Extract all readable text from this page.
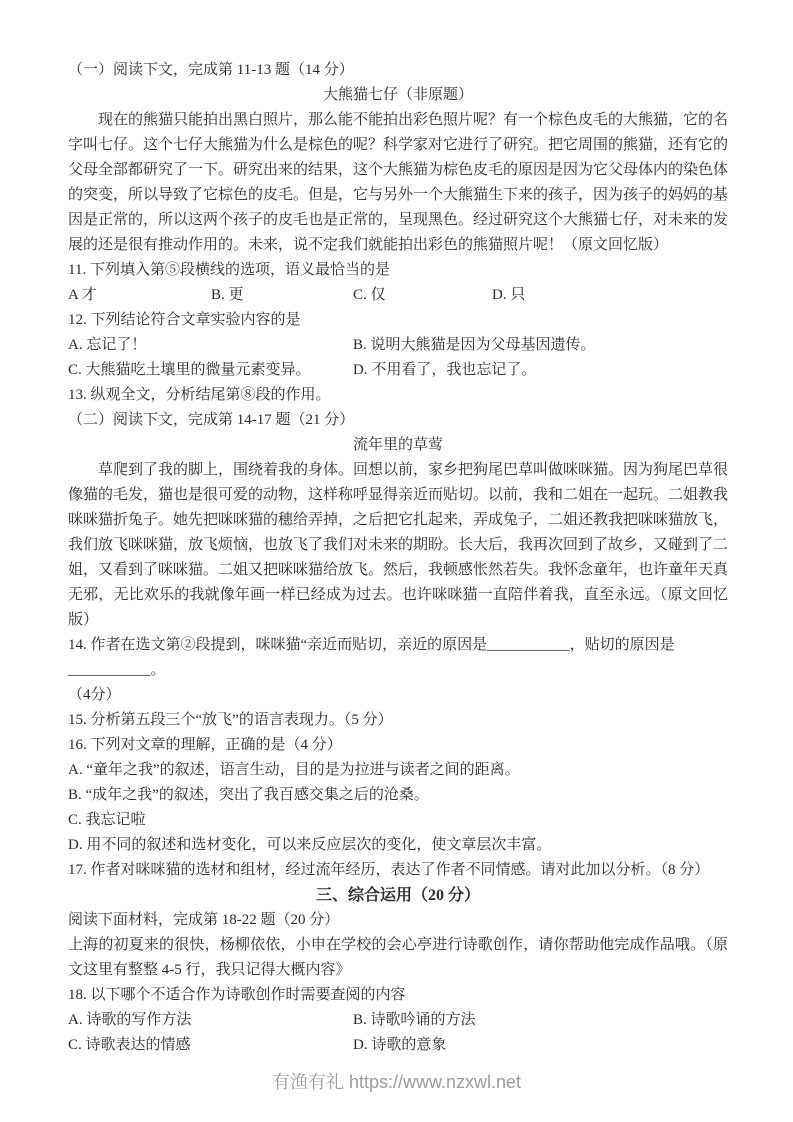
（一）阅读下文，完成第 11-13 题（14 分）
大熊猫七仔（非原题）
现在的熊猫只能拍出黑白照片，那么能不能拍出彩色照片呢？有一个棕色皮毛的大熊猫，它的名字叫七仔。这个七仔大熊猫为什么是棕色的呢？科学家对它进行了研究。把它周围的熊猫，还有它的父母全部都研究了一下。研究出来的结果，这个大熊猫为棕色皮毛的原因是因为它父母体内的染色体的突变，所以导致了它棕色的皮毛。但是，它与另外一个大熊猫生下来的孩子，因为孩子的妈妈的基因是正常的，所以这两个孩子的皮毛也是正常的，呈现黑色。经过研究这个大熊猫七仔，对未来的发展的还是很有推动作用的。未来，说不定我们就能拍出彩色的熊猫照片呢！（原文回忆版）
11. 下列填入第⑤段横线的选项，语义最恰当的是
A 才	B. 更	C. 仅	D. 只
12. 下列结论符合文章实验内容的是
A. 忘记了！	B. 说明大熊猫是因为父母基因遗传。
C. 大熊猫吃土壤里的微量元素变异。	D. 不用看了，我也忘记了。
13. 纵观全文，分析结尾第⑧段的作用。
（二）阅读下文，完成第 14-17 题（21 分）
流年里的草莺
草爬到了我的脚上，围绕着我的身体。回想以前，家乡把狗尾巴草叫做咪咪猫。因为狗尾巴草很像猫的毛发，猫也是很可爱的动物，这样称呼显得亲近而贴切。以前，我和二姐在一起玩。二姐教我咪咪猫折兔子。她先把咪咪猫的穗给弄掉，之后把它扎起来，弄成兔子，二姐还教我把咪咪猫放飞，我们放飞咪咪猫，放飞烦恼，也放飞了我们对未来的期盼。长大后，我再次回到了故乡，又碰到了二姐，又看到了咪咪猫。二姐又把咪咪猫给放飞。然后，我顿感怅然若失。我怀念童年，也许童年天真无邪，无比欢乐的我就像年画一样已经成为过去。也许咪咪猫一直陪伴着我，直至永远。（原文回忆版）
14. 作者在选文第②段提到，咪咪猫“亲近而贴切，亲近的原因是___________，贴切的原因是___________。
（4分）
15. 分析第五段三个“放飞”的语言表现力。（5 分）
16. 下列对文章的理解，正确的是（4 分）
A. “童年之我”的叙述，语言生动，目的是为拉进与读者之间的距离。
B. “成年之我”的叙述，突出了我百感交集之后的沧桑。
C. 我忘记啦
D. 用不同的叙述和选材变化，可以来反应层次的变化，使文章层次丰富。
17. 作者对咪咪猫的选材和组材，经过流年经历，表达了作者不同情感。请对此加以分析。（8 分）
三、综合运用（20 分）
阅读下面材料，完成第 18-22 题（20 分）
上海的初夏来的很快，杨柳依依，小申在学校的会心亭进行诗歌创作，请你帮助他完成作品哦。（原文这里有整整 4-5 行，我只记得大概内容》
18. 以下哪个不适合作为诗歌创作时需要查阅的内容
A. 诗歌的写作方法	B. 诗歌吟诵的方法
C. 诗歌表达的情感	D. 诗歌的意象
有渔有礼 https://www.nzxwl.net
